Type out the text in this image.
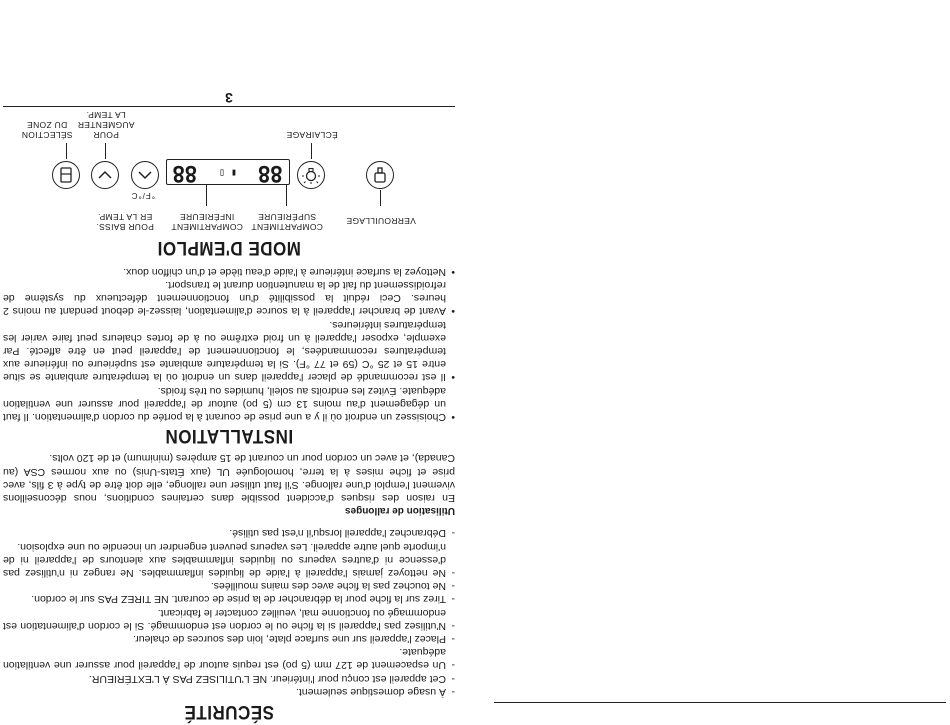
SÉCURITÉ
- À usage domestique seulement.
- Cet appareil est conçu pour l'intérieur. NE L'UTILISEZ PAS À L'EXTÉRIEUR.
- Un espacement de 127 mm (5 po) est requis autour de l'appareil pour assurer une ventilation adéquate.
- Placez l'appareil sur une surface plate, loin des sources de chaleur.
- N'utilisez pas l'appareil si la fiche ou le cordon est endommagé. Si le cordon d'alimentation est endommagé ou fonctionne mal, veuillez contacter le fabricant.
- Tirez sur la fiche pour la débrancher de la prise de courant. NE TIREZ PAS sur le cordon.
- Ne touchez pas la fiche avec des mains mouillées.
- Ne nettoyez jamais l'appareil à l'aide de liquides inflammables. Ne rangez ni n'utilisez pas d'essence ni d'autres vapeurs ou liquides inflammables aux alentours de l'appareil ni de n'importe quel autre appareil. Les vapeurs peuvent engendrer un incendie ou une explosion.
- Débranchez l'appareil lorsqu'il n'est pas utilisé.

Utilisation de rallonges

En raison des risques d'accident possible dans certaines conditions, nous déconseillons vivement l'emploi d'une rallonge. S'il faut utiliser une rallonge, elle doit être de type à 3 fils, avec prise et fiche mises à la terre, homologuée UL (aux États-Unis) ou aux normes CSA (au Canada), et avec un cordon pour un courant de 15 ampères (minimum) et de 120 volts.

INSTALLATION
• Choisissez un endroit où il y a une prise de courant à la portée du cordon d'alimentation. Il faut un dégagement d'au moins 13 cm (5 po) autour de l'appareil pour assurer une ventilation adéquate. Évitez les endroits au soleil, humides ou très froids.
• Il est recommandé de placer l'appareil dans un endroit où la température ambiante se situe entre 15 et 25 °C (59 et 77 °F). Si la température ambiante est supérieure ou inférieure aux températures recommandées, le fonctionnement de l'appareil peut en être affecté. Par exemple, exposer l'appareil à un froid extrême ou à de fortes chaleurs peut faire varier les températures intérieures.
• Avant de brancher l'appareil à la source d'alimentation, laissez-le debout pendant au moins 2 heures. Ceci réduit la possibilité d'un fonctionnement défectueux du système de refroidissement du fait de la manutention durant le transport.
• Nettoyez la surface intérieure à l'aide d'eau tiède et d'un chiffon doux.
MODE D'EMPLOI
VERROUILLAGE
COMPARTIMENT SUPÉRIEURE
COMPARTIMENT INFÉRIEURE
POUR BAISS. ER LA TEMP.
°F/°C
88
▮ ▯
88
ÉCLAIRAGE
POUR AUGMENTER LA TEMP.
SÉLECTION DU ZONE
3
